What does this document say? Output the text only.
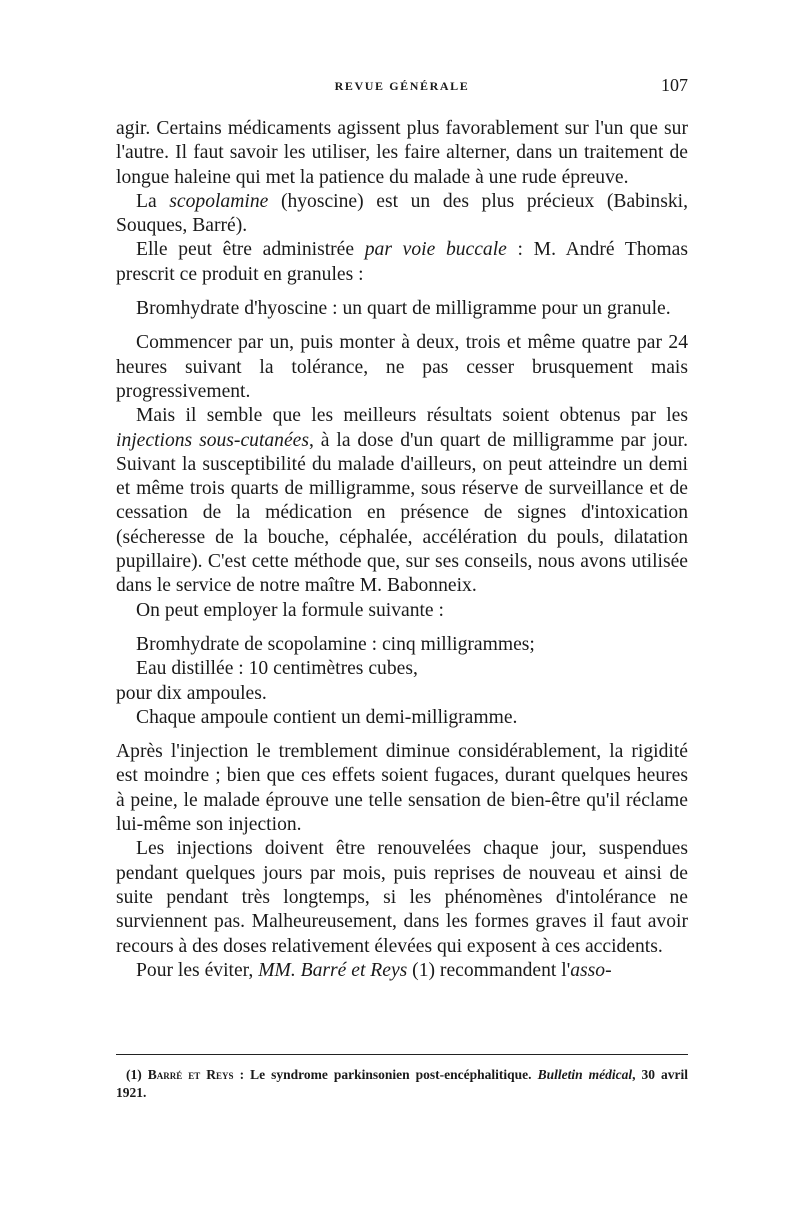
REVUE GÉNÉRALE	107

agir. Certains médicaments agissent plus favorablement sur l'un que sur l'autre. Il faut savoir les utiliser, les faire alterner, dans un traitement de longue haleine qui met la patience du malade à une rude épreuve.

La scopolamine (hyoscine) est un des plus précieux (Babinski, Souques, Barré).

Elle peut être administrée par voie buccale : M. André Thomas prescrit ce produit en granules :

Bromhydrate d'hyoscine : un quart de milligramme pour un granule.

Commencer par un, puis monter à deux, trois et même quatre par 24 heures suivant la tolérance, ne pas cesser brusquement mais progressivement.

Mais il semble que les meilleurs résultats soient obtenus par les injections sous-cutanées, à la dose d'un quart de milligramme par jour. Suivant la susceptibilité du malade d'ailleurs, on peut atteindre un demi et même trois quarts de milligramme, sous réserve de surveillance et de cessation de la médication en présence de signes d'intoxication (sécheresse de la bouche, céphalée, accélération du pouls, dilatation pupillaire). C'est cette méthode que, sur ses conseils, nous avons utilisée dans le service de notre maître M. Babonneix.

On peut employer la formule suivante :

Bromhydrate de scopolamine : cinq milligrammes;

Eau distillée : 10 centimètres cubes,

pour dix ampoules.

Chaque ampoule contient un demi-milligramme.

Après l'injection le tremblement diminue considérablement, la rigidité est moindre ; bien que ces effets soient fugaces, durant quelques heures à peine, le malade éprouve une telle sensation de bien-être qu'il réclame lui-même son injection.

Les injections doivent être renouvelées chaque jour, suspendues pendant quelques jours par mois, puis reprises de nouveau et ainsi de suite pendant très longtemps, si les phénomènes d'intolérance ne surviennent pas. Malheureusement, dans les formes graves il faut avoir recours à des doses relativement élevées qui exposent à ces accidents.

Pour les éviter, MM. Barré et Reys (1) recommandent l'asso-

(1) Barré et Reys : Le syndrome parkinsonien post-encéphalitique. Bulletin médical, 30 avril 1921.
